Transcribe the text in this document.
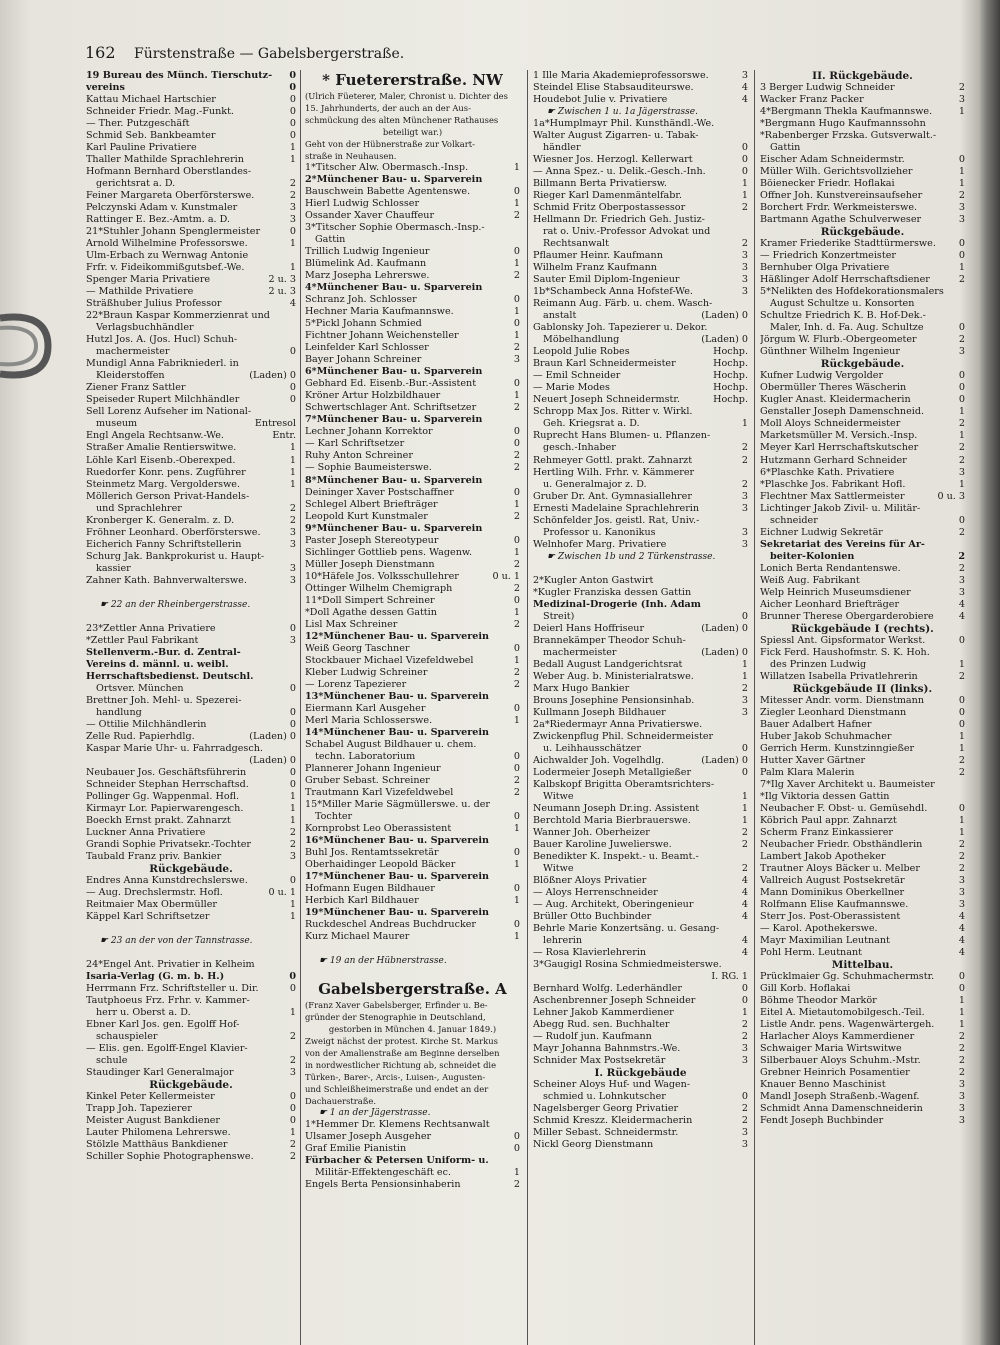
162 Fürstenstraße — Gabelsbergerstraße.
19 Bureau des Münch. Tierschutz- 0
vereins	0
Kattau Michael Hartschier	0
Schneider Friedr. Mag.-Funkt.	0
— Ther. Putzgeschäft	0
Schmid Seb. Bankbeamter	0
Karl Pauline Privatiere	1
Thaller Mathilde Sprachlehrerin	1
Hofmann Bernhard Oberstlandes-
gerichtsrat a. D.	2
Feiner Margareta Oberförsterswe.	2
Pelczynski Adam v. Kunstmaler	3
Rattinger E. Bez.-Amtm. a. D.	3
21*Stuhler Johann Spenglermeister	0
Arnold Wilhelmine Professorswe.	1
Ulm-Erbach zu Wernwag Antonie
Frfr. v. Fideikommißgutsbef.-We.	1
Spenger Maria Privatiere	2 u. 3
— Mathilde Privatiere	2 u. 3
Sträßhuber Julius Professor	4
22*Braun Kaspar Kommerzienrat und
Verlagsbuchhändler
Hutzl Jos. A. (Jos. Hucl) Schuh-
machermeister	0
Mundigl Anna Fabrikniederl. in
Kleiderstoffen	(Laden) 0
Ziener Franz Sattler	0
Speiseder Rupert Milchhändler	0
Sell Lorenz Aufseher im National-
museum	Entresol
Engl Angela Rechtsanw.-We.	Entr.
Straßer Amalie Rentierswitwe.	1
Löhle Karl Eisenb.-Oberexped.	1
Ruedorfer Konr. pens. Zugführer	1
Steinmetz Marg. Vergolderswe.	1
Möllerich Gerson Privat-Handels-
und Sprachlehrer	2
Kronberger K. Generalm. z. D.	2
Fröhner Leonhard. Oberförsterswe.	3
Eicherich Fanny Schriftstellerin	3
Schurg Jak. Bankprokurist u. Haupt-
kassier	3
Zahner Kath. Bahnverwalterswe.	3
☛ 22 an der Rheinbergerstrasse.
23*Zettler Anna Privatiere	0
*Zettler Paul Fabrikant	3
Stellenverm.-Bur. d. Zentral-
Vereins d. männl. u. weibl.
Herrschaftsbedienst. Deutschl.
Ortsver. München	0
Brettner Joh. Mehl- u. Spezerei-
handlung	0
— Ottilie Milchhändlerin	0
Zelle Rud. Papierhdlg.	(Laden) 0
Kaspar Marie Uhr- u. Fahrradgesch.
(Laden) 0
Neubauer Jos. Geschäftsführerin	0
Schneider Stephan Herrschaftsd.	0
Pollinger Gg. Wappenmal. Hofl.	1
Kirmayr Lor. Papierwarengesch.	1
Boeckh Ernst prakt. Zahnarzt	1
Luckner Anna Privatiere	2
Grandi Sophie Privatsekr.-Tochter	2
Taubald Franz priv. Bankier	3
Rückgebäude.
Endres Anna Kunstdrechslerswe.	0
— Aug. Drechslermstr. Hofl.	0 u. 1
Reitmaier Max Obermüller	1
Käppel Karl Schriftsetzer	1
☛ 23 an der von der Tannstrasse.
24*Engel Ant. Privatier in Kelheim
Isaria-Verlag (G. m. b. H.)	0
Herrmann Frz. Schriftsteller u. Dir.	0
Tautphoeus Frz. Frhr. v. Kammer-
herr u. Oberst a. D.	1
Ebner Karl Jos. gen. Egolff Hof-
schauspieler	2
— Elis. gen. Egolff-Engel Klavier-
schule	2
Staudinger Karl Generalmajor	3
Rückgebäude.
Kinkel Peter Kellermeister	0
Trapp Joh. Tapezierer	0
Meister August Bankdiener	0
Lauter Philomena Lehrerswe.	1
Stölzle Matthäus Bankdiener	2
Schiller Sophie Photographenswe.	2
* Fuetererstraße. NW
(Ulrich Füeterer, Maler, Chronist u. Dichter des
15. Jahrhunderts, der auch an der Aus-
schmückung des alten Münchener Rathauses
beteiligt war.)
Geht von der Hübnerstraße zur Volkart-
straße in Neuhausen.
1*Titscher Alw. Obermasch.-Insp.	1
2*Münchener Bau- u. Sparverein
Bauschwein Babette Agentenswe.	0
Hierl Ludwig Schlosser	1
Ossander Xaver Chauffeur	2
3*Titscher Sophie Obermasch.-Insp.-
Gattin
Trillich Ludwig Ingenieur	0
Blümelink Ad. Kaufmann	1
Marz Josepha Lehrerswe.	2
4*Münchener Bau- u. Sparverein
Schranz Joh. Schlosser	0
Hechner Maria Kaufmannswe.	1
5*Pickl Johann Schmied	0
Fichtner Johann Weichensteller	1
Leinfelder Karl Schlosser	2
Bayer Johann Schreiner	3
6*Münchener Bau- u. Sparverein
Gebhard Ed. Eisenb.-Bur.-Assistent	0
Kröner Artur Holzbildhauer	1
Schwertschlager Ant. Schriftsetzer	2
7*Münchener Bau- u. Sparverein
Lechner Johann Korrektor	0
— Karl Schriftsetzer	0
Ruhy Anton Schreiner	2
— Sophie Baumeisterswe.	2
8*Münchener Bau- u. Sparverein
Deininger Xaver Postschaffner	0
Schlegel Albert Briefträger	1
Leopold Kurt Kunstmaler	2
9*Münchener Bau- u. Sparverein
Paster Joseph Stereotypeur	0
Sichlinger Gottlieb pens. Wagenw.	1
Müller Joseph Dienstmann	2
10*Häfele Jos. Volksschullehrer	0 u. 1
Öttinger Wilhelm Chemigraph	2
11*Doll Simpert Schreiner	0
*Doll Agathe dessen Gattin	1
Lisl Max Schreiner	2
12*Münchener Bau- u. Sparverein
Weiß Georg Taschner	0
Stockbauer Michael Vizefeldwebel	1
Kleber Ludwig Schreiner	2
— Lorenz Tapezierer	2
13*Münchener Bau- u. Sparverein
Eiermann Karl Ausgeher	0
Merl Maria Schlosserswe.	1
14*Münchener Bau- u. Sparverein
Schabel August Bildhauer u. chem.
techn. Laboratorium	0
Plannerer Johann Ingenieur	0
Gruber Sebast. Schreiner	2
Trautmann Karl Vizefeldwebel	2
15*Miller Marie Sägmüllerswe. u. der
Tochter	0
Kornprobst Leo Oberassistent	1
16*Münchener Bau- u. Sparverein
Buhl Jos. Rentamtssekretär	0
Oberhaidinger Leopold Bäcker	1
17*Münchener Bau- u. Sparverein
Hofmann Eugen Bildhauer	0
Herbich Karl Bildhauer	1
19*Münchener Bau- u. Sparverein
Ruckdeschel Andreas Buchdrucker	0
Kurz Michael Maurer	1
☛ 19 an der Hübnerstrasse.
Gabelsbergerstraße. A
(Franz Xaver Gabelsberger, Erfinder u. Be-
gründer der Stenographie in Deutschland,
gestorben in München 4. Januar 1849.)
Zweigt nächst der protest. Kirche St. Markus
von der Amalienstraße am Beginne derselben
in nordwestlicher Richtung ab, schneidet die
Türken-, Barer-, Arcis-, Luisen-, Augusten-
und Schleißheimerstraße und endet an der
Dachauerstraße.
☛ 1 an der Jägerstrasse.
1*Hemmer Dr. Klemens Rechtsanwalt
Ulsamer Joseph Ausgeher	0
Graf Emilie Pianistin	0
Fürbacher & Petersen Uniform- u.
Militär-Effektengeschäft ec.	1
Engels Berta Pensionsinhaberin	2
1 Ille Maria Akademieprofessorswe.	3
Steindel Elise Stabsauditeurswe.	4
Houdebot Julie v. Privatiere	4
☛ Zwischen 1 u. 1a Jägerstrasse.
1a*Humplmayr Phil. Kunsthändl.-We.
Walter August Zigarren- u. Tabak-
händler	0
Wiesner Jos. Herzogl. Kellerwart	0
— Anna Spez.- u. Delik.-Gesch.-Inh.	0
Billmann Berta Privatiersw.	1
Rieger Karl Damenmäntelfabr.	1
Schmid Fritz Oberpostassessor	2
Hellmann Dr. Friedrich Geh. Justiz-
rat o. Univ.-Professor Advokat und
Rechtsanwalt	2
Pflaumer Heinr. Kaufmann	3
Wilhelm Franz Kaufmann	3
Sauter Emil Diplom-Ingenieur	3
1b*Schambeck Anna Hofstef-We.	3
Reimann Aug. Färb. u. chem. Wasch-
anstalt	(Laden) 0
Gablonsky Joh. Tapezierer u. Dekor.
Möbelhandlung	(Laden) 0
Leopold Julie Robes	Hochp.
Braun Karl Schneidermeister	Hochp.
— Emil Schneider	Hochp.
— Marie Modes	Hochp.
Neuert Joseph Schneidermstr.	Hochp.
Schropp Max Jos. Ritter v. Wirkl.
Geh. Kriegsrat a. D.	1
Ruprecht Hans Blumen- u. Pflanzen-
gesch.-Inhaber	2
Rehmeyer Gottl. prakt. Zahnarzt	2
Hertling Wilh. Frhr. v. Kämmerer
u. Generalmajor z. D.	2
Gruber Dr. Ant. Gymnasiallehrer	3
Ernesti Madelaine Sprachlehrerin	3
Schönfelder Jos. geistl. Rat, Univ.-
Professor u. Kanonikus	3
Welnhofer Marg. Privatiere	3
☛ Zwischen 1b und 2 Türkenstrasse.
2*Kugler Anton Gastwirt
*Kugler Franziska dessen Gattin
Medizinal-Drogerie (Inh. Adam
Streit)	0
Deierl Hans Hoffriseur	(Laden) 0
Brannekämper Theodor Schuh-
machermeister	(Laden) 0
Bedall August Landgerichtsrat	1
Weber Aug. b. Ministerialratswe.	1
Marx Hugo Bankier	2
Brouns Josephine Pensionsinhab.	3
Kullmann Joseph Bildhauer	3
2a*Riedermayr Anna Privatierswe.
Zwickenpflug Phil. Schneidermeister
u. Leihhausschätzer	0
Aichwalder Joh. Vogelhdlg.	(Laden) 0
Lodermeier Joseph Metallgießer	0
Kalbskopf Brigitta Oberamtsrichters-
Witwe	1
Neumann Joseph Dr.ing. Assistent	1
Berchtold Maria Bierbrauerswe.	1
Wanner Joh. Oberheizer	2
Bauer Karoline Juwelierswe.	2
Benedikter K. Inspekt.- u. Beamt.-
Witwe	2
Blößner Aloys Privatier	4
— Aloys Herrenschneider	4
— Aug. Architekt, Oberingenieur	4
Brüller Otto Buchbinder	4
Behrle Marie Konzertsäng. u. Gesang-
lehrerin	4
— Rosa Klavierlehrerin	4
3*Gaugigl Rosina Schmiedmeisterswe.
I. RG. 1
Bernhard Wolfg. Lederhändler	0
Aschenbrenner Joseph Schneider	0
Lehner Jakob Kammerdiener	1
Abegg Rud. sen. Buchhalter	2
— Rudolf jun. Kaufmann	2
Mayr Johanna Bahnmstrs.-We.	3
Schnider Max Postsekretär	3
I. Rückgebäude
Scheiner Aloys Huf- und Wagen-
schmied u. Lohnkutscher	0
Nagelsberger Georg Privatier	2
Schmid Kreszz. Kleidermacherin	2
Miller Sebast. Schneidermstr.	3
Nickl Georg Dienstmann	3
II. Rückgebäude.
3 Berger Ludwig Schneider	2
Wacker Franz Packer	3
4*Bergmann Thekla Kaufmannswe.	1
*Bergmann Hugo Kaufmannssohn
*Rabenberger Frzska. Gutsverwalt.-
Gattin
Eischer Adam Schneidermstr.	0
Müller Wilh. Gerichtsvollzieher	1
Böienecker Friedr. Hoflakai	1
Offner Joh. Kunstvereinsaufseher	2
Borchert Frdr. Werkmeisterswe.	3
Bartmann Agathe Schulverweser	3
Rückgebäude.
Kramer Friederike Stadttürmerswe. 0
— Friedrich Konzertmeister	0
Bernhuber Olga Privatiere	1
Häßlinger Adolf Herrschaftsdiener	2
5*Nelikten des Hofdekorationsmalers
August Schultze u. Konsorten
Schultze Friedrich K. B. Hof-Dek.-
Maler, Inh. d. Fa. Aug. Schultze	0
Jörgum W. Flurb.-Obergeometer	2
Günthner Wilhelm Ingenieur	3
Rückgebäude.
Kufner Ludwig Vergolder	0
Obermüller Theres Wäscherin	0
Kugler Anast. Kleidermacherin	0
Genstaller Joseph Damenschneid.	1
Moll Aloys Schneidermeister	2
Marketsmüller M. Versich.-Insp.	1
Meyer Karl Herrschaftskutscher	2
Hutzmann Gerhard Schneider	2
6*Plaschke Kath. Privatiere	3
*Plaschke Jos. Fabrikant Hofl.	1
Flechtner Max Sattlermeister	0 u. 3
Lichtinger Jakob Zivil- u. Militär-
schneider	0
Eichner Ludwig Sekretär	2
Sekretariat des Vereins für Ar-
beiter-Kolonien	2
Lonich Berta Rendantenswe.	2
Weiß Aug. Fabrikant	3
Welp Heinrich Museumsdiener	3
Aicher Leonhard Briefträger	4
Brunner Therese Obergarderobiere	4
Rückgebäude I (rechts).
Spiessl Ant. Gipsformator Werkst.	0
Fick Ferd. Haushofmstr. S. K. Hoh.
des Prinzen Ludwig	1
Willatzen Isabella Privatlehrerin	2
Rückgebäude II (links).
Mitesser Andr. vorm. Dienstmann	0
Ziegler Leonhard Dienstmann	0
Bauer Adalbert Hafner	0
Huber Jakob Schuhmacher	1
Gerrich Herm. Kunstzinngießer	1
Hutter Xaver Gärtner	2
Palm Klara Malerin	2
7*Ilg Xaver Architekt u. Baumeister
*Ilg Viktoria dessen Gattin
Neubacher F. Obst- u. Gemüsehdl.	0
Köbrich Paul appr. Zahnarzt	1
Scherm Franz Einkassierer	1
Neubacher Friedr. Obsthändlerin	2
Lambert Jakob Apotheker	2
Trautner Aloys Bäcker u. Melber	2
Vallreich August Postsekretär	3
Mann Dominikus Oberkellner	3
Rolfmann Elise Kaufmannswe.	3
Sterr Jos. Post-Oberassistent	4
— Karol. Apothekerswe.	4
Mayr Maximilian Leutnant	4
Pohl Herm. Leutnant	4
Mittelbau.
Prücklmaier Gg. Schuhmachermstr.	0
Gill Korb. Hoflakai	0
Böhme Theodor Markör	1
Eitel A. Mietautomobilgesch.-Teil.	1
Listle Andr. pens. Wagenwärtergeh.	1
Harlacher Aloys Kammerdiener	2
Schwaiger Maria Wirtswitwe	2
Silberbauer Aloys Schuhm.-Mstr.	2
Grebner Heinrich Posamentier	2
Knauer Benno Maschinist	3
Mandl Joseph Straßenb.-Wagenf.	3
Schmidt Anna Damenschneiderin	3
Fendt Joseph Buchbinder	3
